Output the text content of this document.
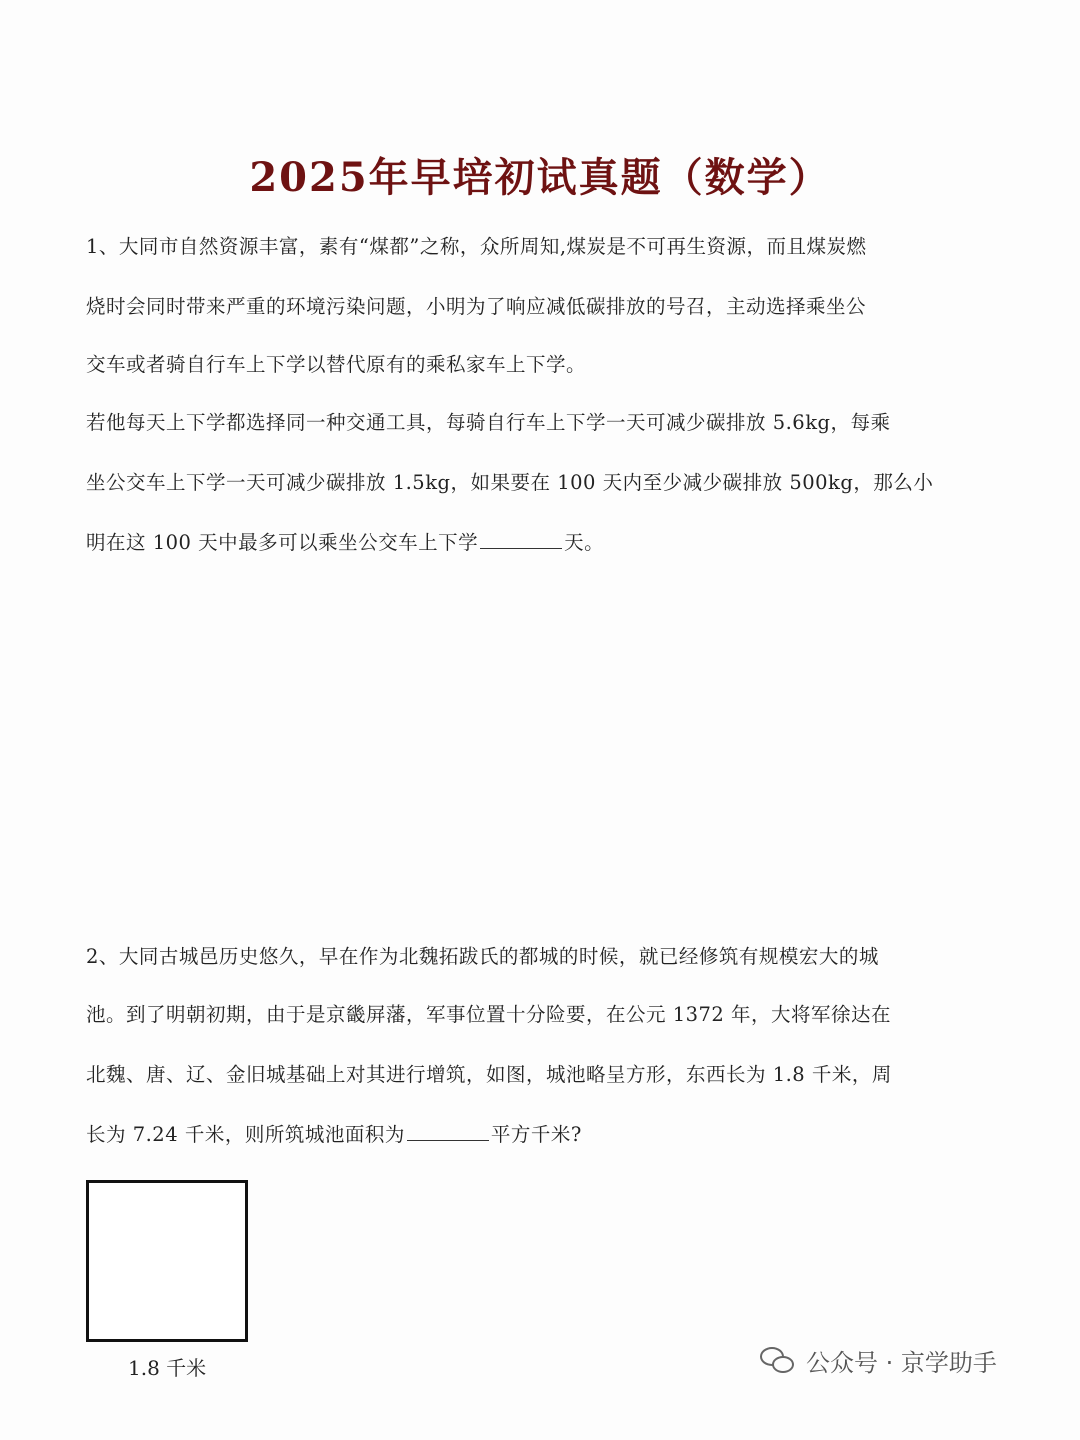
2025年早培初试真题（数学）
1、大同市自然资源丰富，素有“煤都”之称，众所周知,煤炭是不可再生资源，而且煤炭燃
烧时会同时带来严重的环境污染问题，小明为了响应减低碳排放的号召，主动选择乘坐公
交车或者骑自行车上下学以替代原有的乘私家车上下学。
若他每天上下学都选择同一种交通工具，每骑自行车上下学一天可减少碳排放 5.6kg，每乘
坐公交车上下学一天可减少碳排放 1.5kg，如果要在 100 天内至少减少碳排放 500kg，那么小
明在这 100 天中最多可以乘坐公交车上下学	天。
2、大同古城邑历史悠久，早在作为北魏拓跋氏的都城的时候，就已经修筑有规模宏大的城
池。到了明朝初期，由于是京畿屏藩，军事位置十分险要，在公元 1372 年，大将军徐达在
北魏、唐、辽、金旧城基础上对其进行增筑，如图，城池略呈方形，东西长为 1.8 千米，周
长为 7.24 千米，则所筑城池面积为	平方千米?
1.8 千米	公众号 · 京学助手
